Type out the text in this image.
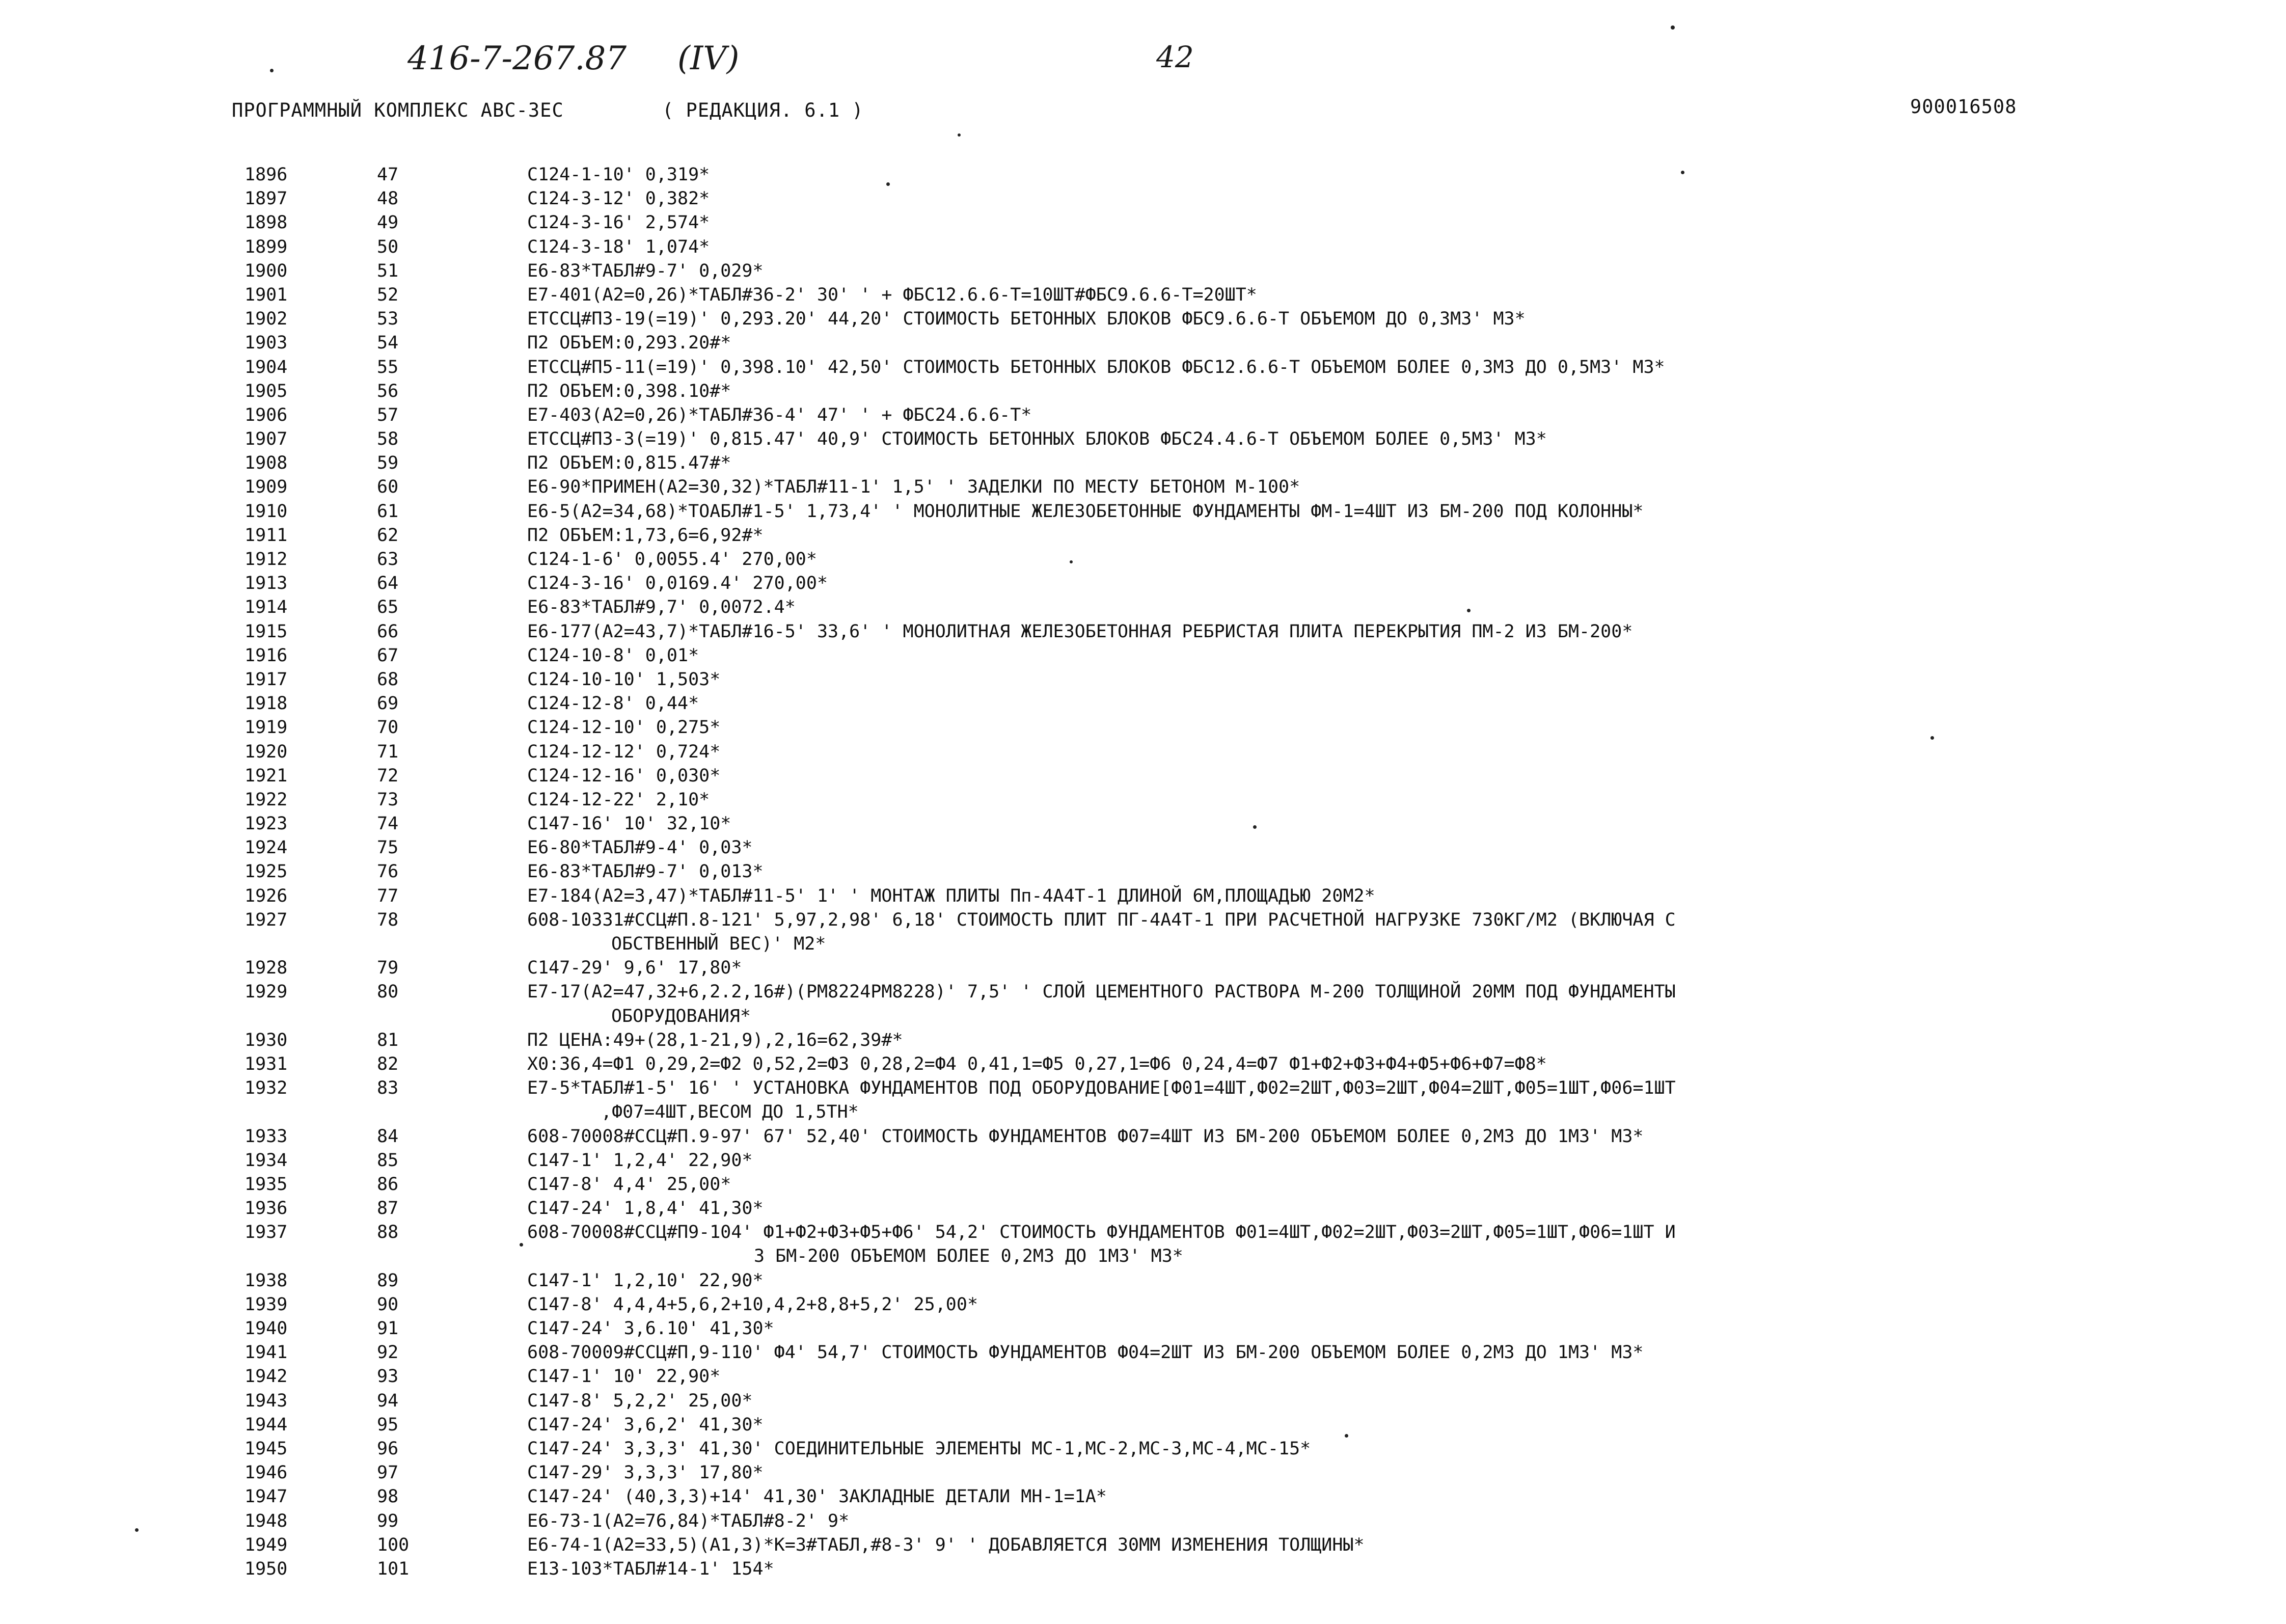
416-7-267.87 (IV)	42
ПРОГРАММНЫЙ КОМПЛЕКС АВС-ЗЕС	( РЕДАКЦИЯ. 6.1 )	900016508
1896	47	С124-1-10' 0,319*
1897	48	С124-3-12' 0,382*
1898	49	С124-3-16' 2,574*
1899	50	С124-3-18' 1,074*
1900	51	Е6-83*ТАБЛ#9-7' 0,029*
1901	52	Е7-401(А2=0,26)*ТАБЛ#36-2' 30' ' + ФБС12.6.6-Т=10ШТ#ФБС9.6.6-Т=20ШТ*
1902	53	ЕТССЦ#ПЗ-19(=19)' 0,293.20' 44,20' СТОИМОСТЬ БЕТОННЫХ БЛОКОВ ФБС9.6.6-Т ОБЪЕМОМ ДО 0,3МЗ' МЗ*
1903	54	П2 ОБЪЕМ:0,293.20#*
1904	55	ЕТССЦ#П5-11(=19)' 0,398.10' 42,50' СТОИМОСТЬ БЕТОННЫХ БЛОКОВ ФБС12.6.6-Т ОБЪЕМОМ БОЛЕЕ 0,3МЗ ДО 0,5МЗ' МЗ*
1905	56	П2 ОБЪЕМ:0,398.10#*
1906	57	Е7-403(А2=0,26)*ТАБЛ#36-4' 47' ' + ФБС24.6.6-Т*
1907	58	ЕТССЦ#ПЗ-3(=19)' 0,815.47' 40,9' СТОИМОСТЬ БЕТОННЫХ БЛОКОВ ФБС24.4.6-Т ОБЪЕМОМ БОЛЕЕ 0,5МЗ' МЗ*
1908	59	П2 ОБЪЕМ:0,815.47#*
1909	60	Е6-90*ПРИМЕН(А2=30,32)*ТАБЛ#11-1' 1,5' ' ЗАДЕЛКИ ПО МЕСТУ БЕТОНОМ М-100*
1910	61	Е6-5(А2=34,68)*ТОАБЛ#1-5' 1,73,4' ' МОНОЛИТНЫЕ ЖЕЛЕЗОБЕТОННЫЕ ФУНДАМЕНТЫ ФМ-1=4ШТ ИЗ БМ-200 ПОД КОЛОННЫ*
1911	62	П2 ОБЪЕМ:1,73,6=6,92#*
1912	63	С124-1-6' 0,0055.4' 270,00*
1913	64	С124-3-16' 0,0169.4' 270,00*
1914	65	Е6-83*ТАБЛ#9,7' 0,0072.4*
1915	66	Е6-177(А2=43,7)*ТАБЛ#16-5' 33,6' ' МОНОЛИТНАЯ ЖЕЛЕЗОБЕТОННАЯ РЕБРИСТАЯ ПЛИТА ПЕРЕКРЫТИЯ ПМ-2 ИЗ БМ-200*
1916	67	С124-10-8' 0,01*
1917	68	С124-10-10' 1,503*
1918	69	С124-12-8' 0,44*
1919	70	С124-12-10' 0,275*
1920	71	С124-12-12' 0,724*
1921	72	С124-12-16' 0,030*
1922	73	С124-12-22' 2,10*
1923	74	С147-16' 10' 32,10*
1924	75	Е6-80*ТАБЛ#9-4' 0,03*
1925	76	Е6-83*ТАБЛ#9-7' 0,013*
1926	77	Е7-184(А2=3,47)*ТАБЛ#11-5' 1' ' МОНТАЖ ПЛИТЫ Пп-4А4Т-1 ДЛИНОЙ 6М,ПЛОЩАДЬЮ 20М2*
1927	78	608-10331#ССЦ#П.8-121' 5,97,2,98' 6,18' СТОИМОСТЬ ПЛИТ ПГ-4А4Т-1 ПРИ РАСЧЕТНОЙ НАГРУЗКЕ 730КГ/М2 (ВКЛЮЧАЯ С
ОБСТВЕННЫЙ ВЕС)' М2*
1928	79	С147-29' 9,6' 17,80*
1929	80	Е7-17(А2=47,32+6,2.2,16#)(РМ8224РМ8228)' 7,5' ' СЛОЙ ЦЕМЕНТНОГО РАСТВОРА М-200 ТОЛЩИНОЙ 20ММ ПОД ФУНДАМЕНТЫ
ОБОРУДОВАНИЯ*
1930	81	П2 ЦЕНА:49+(28,1-21,9),2,16=62,39#*
1931	82	Х0:36,4=Ф1 0,29,2=Ф2 0,52,2=Ф3 0,28,2=Ф4 0,41,1=Ф5 0,27,1=Ф6 0,24,4=Ф7 Ф1+Ф2+Ф3+Ф4+Ф5+Ф6+Ф7=Ф8*
1932	83	Е7-5*ТАБЛ#1-5' 16' ' УСТАНОВКА ФУНДАМЕНТОВ ПОД ОБОРУДОВАНИЕ[Ф01=4ШТ,Ф02=2ШТ,Ф03=2ШТ,Ф04=2ШТ,Ф05=1ШТ,Ф06=1ШТ
,Ф07=4ШТ,ВЕСОМ ДО 1,5ТН*
1933	84	608-70008#ССЦ#П.9-97' 67' 52,40' СТОИМОСТЬ ФУНДАМЕНТОВ Ф07=4ШТ ИЗ БМ-200 ОБЪЕМОМ БОЛЕЕ 0,2МЗ ДО 1МЗ' МЗ*
1934	85	С147-1' 1,2,4' 22,90*
1935	86	С147-8' 4,4' 25,00*
1936	87	С147-24' 1,8,4' 41,30*
1937	88	608-70008#ССЦ#П9-104' Ф1+Ф2+Ф3+Ф5+Ф6' 54,2' СТОИМОСТЬ ФУНДАМЕНТОВ Ф01=4ШТ,Ф02=2ШТ,Ф03=2ШТ,Ф05=1ШТ,Ф06=1ШТ И
З БМ-200 ОБЪЕМОМ БОЛЕЕ 0,2МЗ ДО 1МЗ' МЗ*
1938	89	С147-1' 1,2,10' 22,90*
1939	90	С147-8' 4,4,4+5,6,2+10,4,2+8,8+5,2' 25,00*
1940	91	С147-24' 3,6.10' 41,30*
1941	92	608-70009#ССЦ#П,9-110' Ф4' 54,7' СТОИМОСТЬ ФУНДАМЕНТОВ Ф04=2ШТ ИЗ БМ-200 ОБЪЕМОМ БОЛЕЕ 0,2МЗ ДО 1МЗ' МЗ*
1942	93	С147-1' 10' 22,90*
1943	94	С147-8' 5,2,2' 25,00*
1944	95	С147-24' 3,6,2' 41,30*
1945	96	С147-24' 3,3,3' 41,30' СОЕДИНИТЕЛЬНЫЕ ЭЛЕМЕНТЫ МС-1,МС-2,МС-3,МС-4,МС-15*
1946	97	С147-29' 3,3,3' 17,80*
1947	98	С147-24' (40,3,3)+14' 41,30' ЗАКЛАДНЫЕ ДЕТАЛИ МН-1=1А*
1948	99	Е6-73-1(А2=76,84)*ТАБЛ#8-2' 9*
1949	100	Е6-74-1(А2=33,5)(А1,3)*К=3#ТАБЛ,#8-3' 9' ' ДОБАВЛЯЕТСЯ 30ММ ИЗМЕНЕНИЯ ТОЛЩИНЫ*
1950	101	Е13-103*ТАБЛ#14-1' 154*
